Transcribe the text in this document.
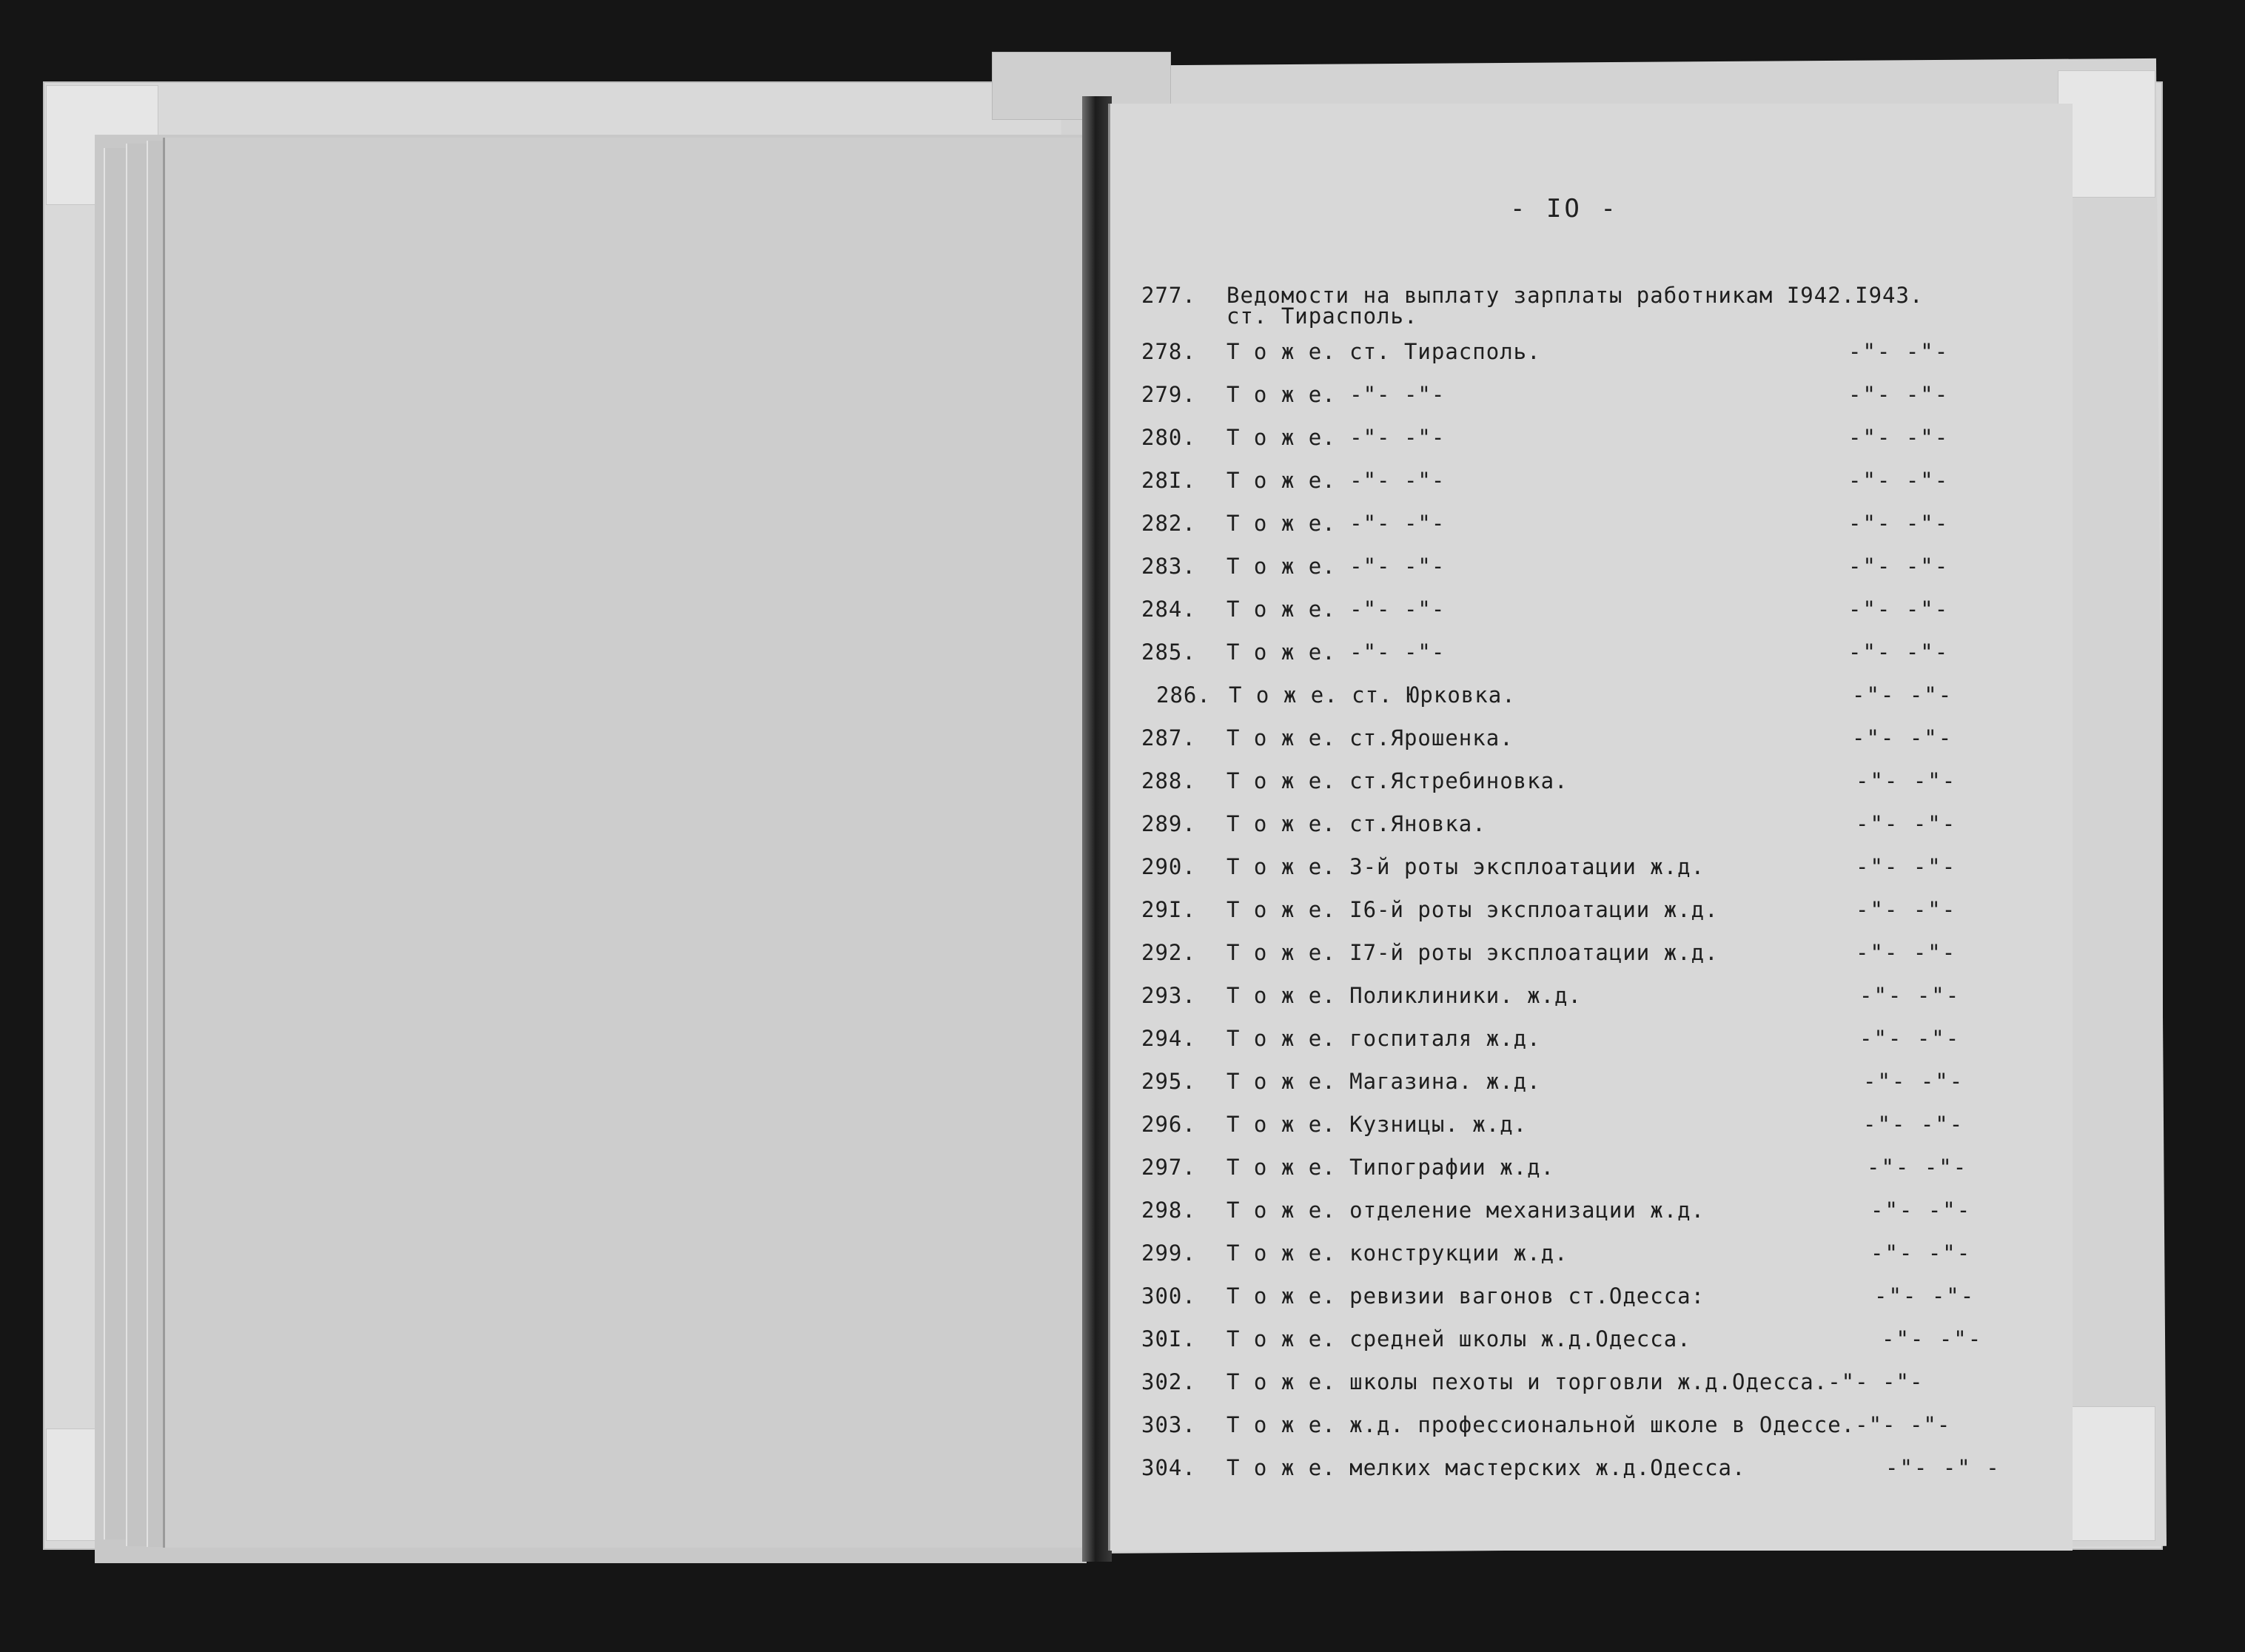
- IO -
277. Ведомости на выплату зарплаты работникам I942.I943.
ст. Тирасполь.
278. Т о ж е. ст. Тирасполь.	-"- -"-
279. Т о ж е. -"- -"-	-"- -"-
280. Т о ж е. -"- -"-	-"- -"-
28I. Т о ж е. -"- -"-	-"- -"-
282. Т о ж е. -"- -"-	-"- -"-
283. Т о ж е. -"- -"-	-"- -"-
284. Т о ж е. -"- -"-	-"- -"-
285. Т о ж е. -"- -"-	-"- -"-
286. Т о ж е. ст. Юрковка.	-"- -"-
287. Т о ж е. ст.Ярошенка.	-"- -"-
288. Т о ж е. ст.Ястребиновка.	-"- -"-
289. Т о ж е. ст.Яновка.	-"- -"-
290. Т о ж е. 3-й роты эксплоатации ж.д.	-"- -"-
29I. Т о ж е. I6-й роты эксплоатации ж.д.	-"- -"-
292. Т о ж е. I7-й роты эксплоатации ж.д.	-"- -"-
293. Т о ж е. Поликлиники. ж.д.	-"- -"-
294. Т о ж е. госпиталя ж.д.	-"- -"-
295. Т о ж е. Магазина. ж.д.	-"- -"-
296. Т о ж е. Кузницы. ж.д.	-"- -"-
297. Т о ж е. Типографии ж.д.	-"- -"-
298. Т о ж е. отделение механизации ж.д.	-"- -"-
299. Т о ж е. конструкции ж.д.	-"- -"-
300. Т о ж е. ревизии вагонов ст.Одесса:	-"- -"-
30I. Т о ж е. средней школы ж.д.Одесса.	-"- -"-
302. Т о ж е. школы пехоты и торговли ж.д.Одесса.-"- -"-
303. Т о ж е. ж.д. профессиональной школе в Одессе.-"- -"-
304. Т о ж е. мелких мастерских ж.д.Одесса.	-"- -" -
